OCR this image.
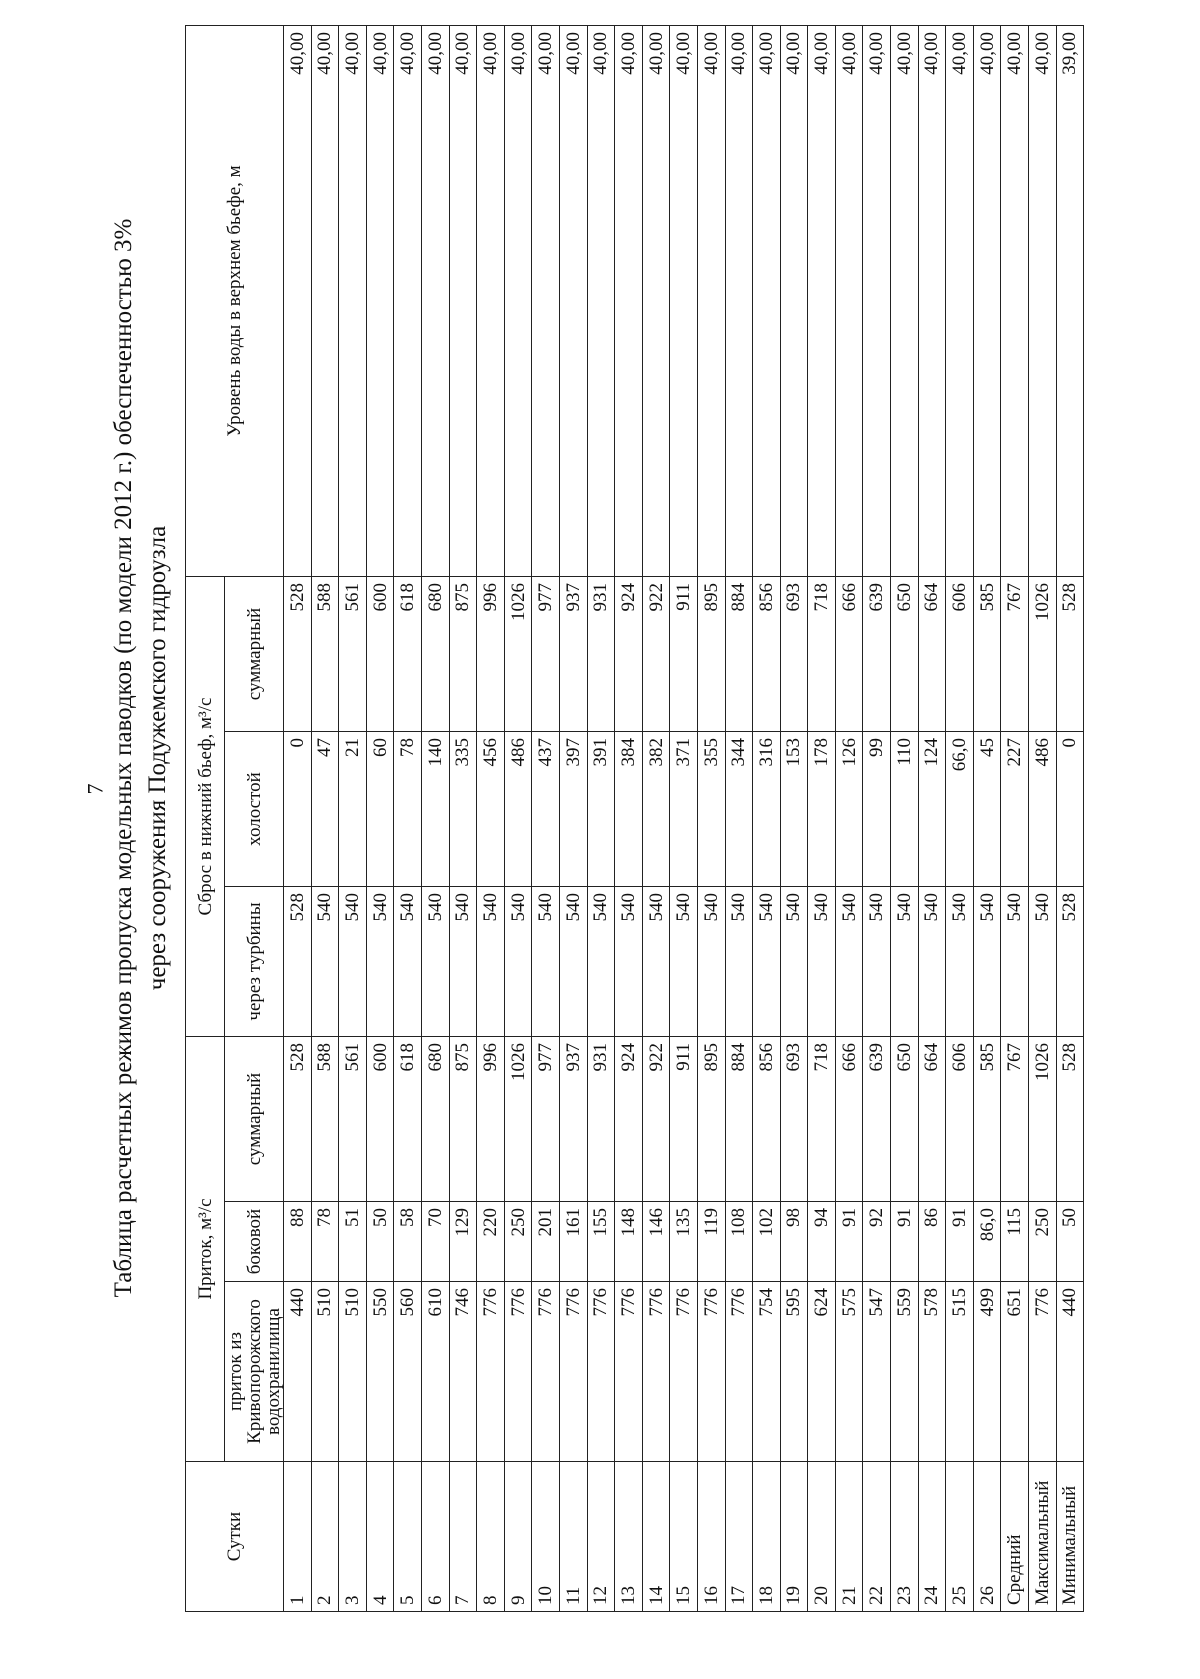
7 Таблица расчетных режимов пропуска модельных паводков (по модели 2012 г.) обеспеченностью 3% через сооружения Подужемского гидроузла
Сутки	Приток, м³/с			Сброс в нижний бьеф, м³/с			Уровень воды в верхнем бьефе, м
	приток из Кривопорожского водохранилища	боковой	суммарный	через турбины	холостой	суммарный	
1	440	88	528	528	0	528	40,00
2	510	78	588	540	47	588	40,00
3	510	51	561	540	21	561	40,00
4	550	50	600	540	60	600	40,00
5	560	58	618	540	78	618	40,00
6	610	70	680	540	140	680	40,00
7	746	129	875	540	335	875	40,00
8	776	220	996	540	456	996	40,00
9	776	250	1026	540	486	1026	40,00
10	776	201	977	540	437	977	40,00
11	776	161	937	540	397	937	40,00
12	776	155	931	540	391	931	40,00
13	776	148	924	540	384	924	40,00
14	776	146	922	540	382	922	40,00
15	776	135	911	540	371	911	40,00
16	776	119	895	540	355	895	40,00
17	776	108	884	540	344	884	40,00
18	754	102	856	540	316	856	40,00
19	595	98	693	540	153	693	40,00
20	624	94	718	540	178	718	40,00
21	575	91	666	540	126	666	40,00
22	547	92	639	540	99	639	40,00
23	559	91	650	540	110	650	40,00
24	578	86	664	540	124	664	40,00
25	515	91	606	540	66,0	606	40,00
26	499	86,0	585	540	45	585	40,00
Средний	651	115	767	540	227	767	40,00
Максимальный	776	250	1026	540	486	1026	40,00
Минимальный	440	50	528	528	0	528	39,00
